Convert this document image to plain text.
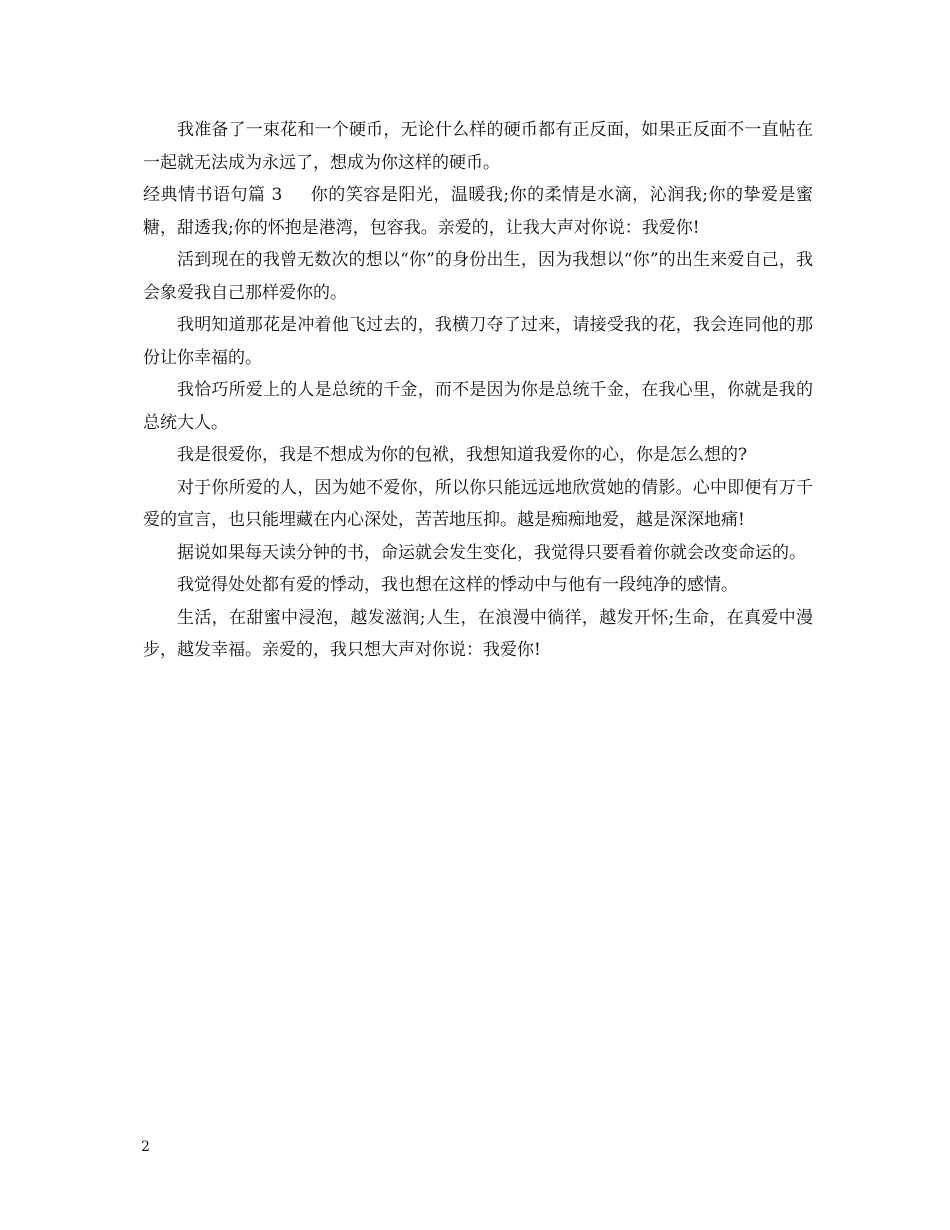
我准备了一束花和一个硬币，无论什么样的硬币都有正反面，如果正反面不一直帖在一起就无法成为永远了，想成为你这样的硬币。

经典情书语句篇 3 你的笑容是阳光，温暖我;你的柔情是水滴，沁润我;你的挚爱是蜜糖，甜透我;你的怀抱是港湾，包容我。亲爱的，让我大声对你说：我爱你!

活到现在的我曾无数次的想以“你”的身份出生，因为我想以“你”的出生来爱自己，我会象爱我自己那样爱你的。

我明知道那花是冲着他飞过去的，我横刀夺了过来，请接受我的花，我会连同他的那份让你幸福的。

我恰巧所爱上的人是总统的千金，而不是因为你是总统千金，在我心里，你就是我的总统大人。

我是很爱你，我是不想成为你的包袱，我想知道我爱你的心，你是怎么想的?

对于你所爱的人，因为她不爱你，所以你只能远远地欣赏她的倩影。心中即便有万千爱的宣言，也只能埋藏在内心深处，苦苦地压抑。越是痴痴地爱，越是深深地痛!

据说如果每天读分钟的书，命运就会发生变化，我觉得只要看着你就会改变命运的。

我觉得处处都有爱的悸动，我也想在这样的悸动中与他有一段纯净的感情。

生活，在甜蜜中浸泡，越发滋润;人生，在浪漫中徜徉，越发开怀;生命，在真爱中漫步，越发幸福。亲爱的，我只想大声对你说：我爱你!

2
